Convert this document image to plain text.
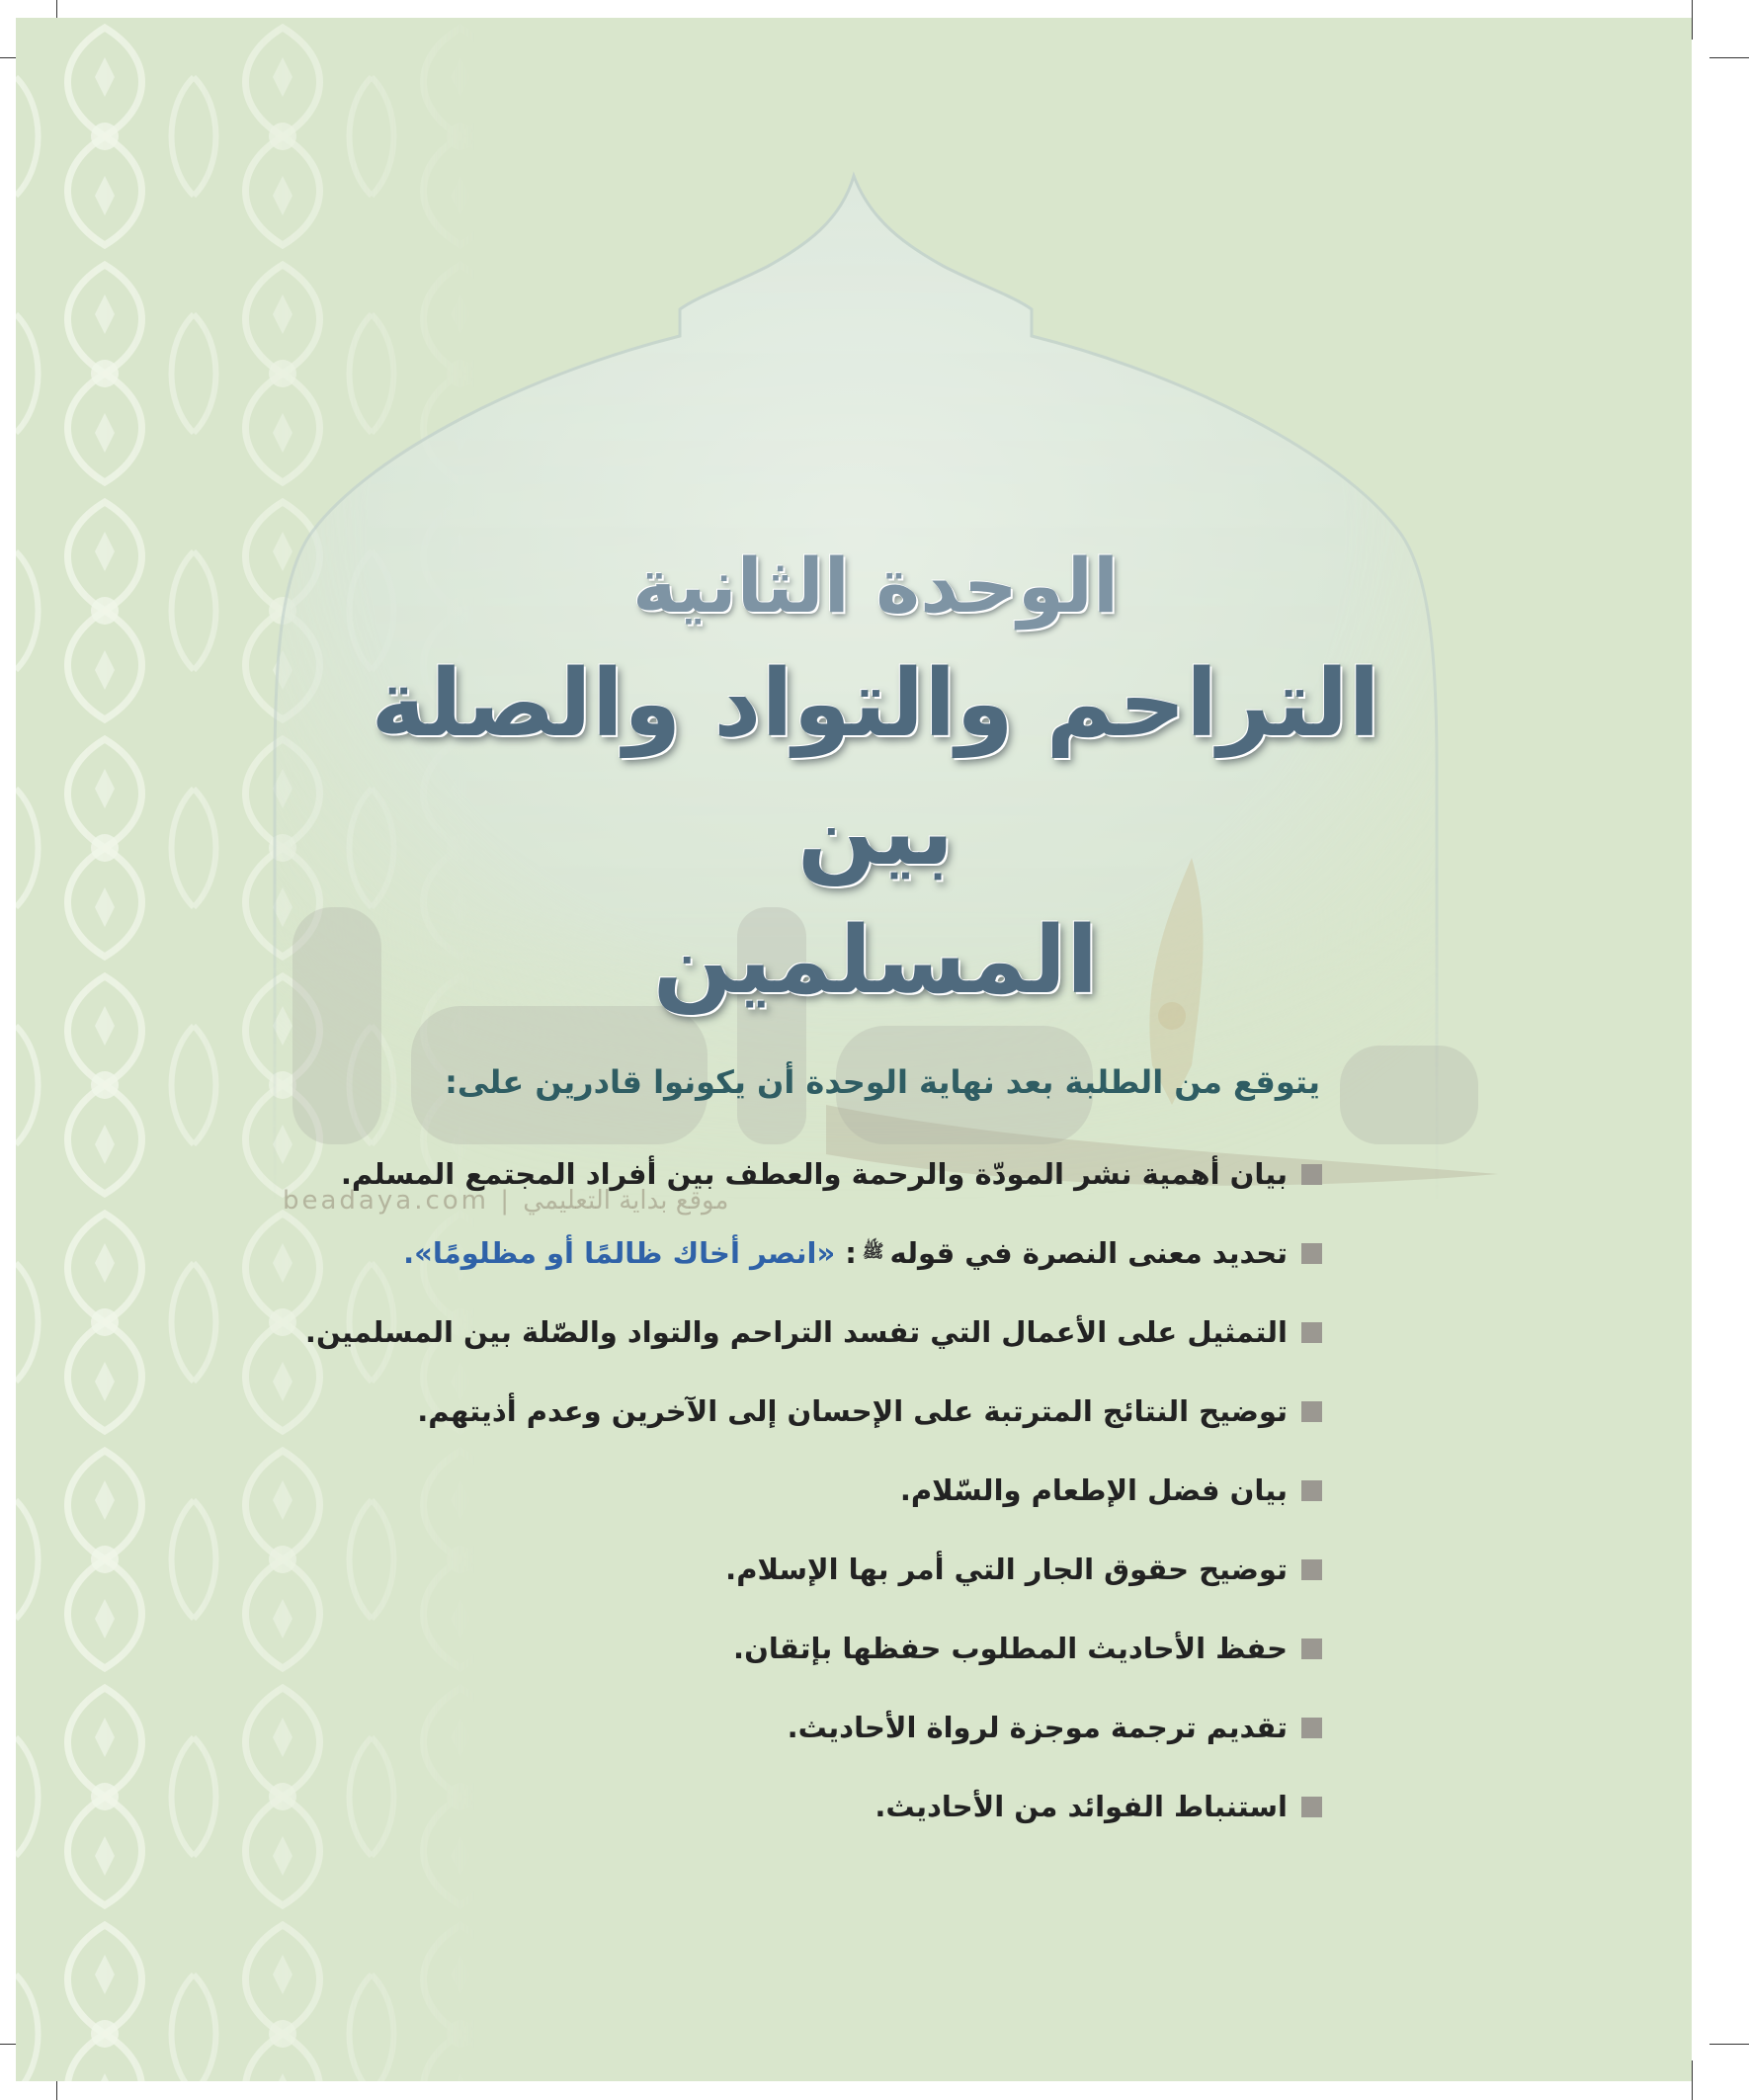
beadaya.com | موقع بداية التعليمي
الوحدة الثانية
التراحم والتواد والصلة بين
المسلمين
يتوقع من الطلبة بعد نهاية الوحدة أن يكونوا قادرين على:
بيان أهمية نشر المودّة والرحمة والعطف بين أفراد المجتمع المسلم.
تحديد معنى النصرة في قوله
ﷺ
:
«انصر أخاك ظالمًا أو مظلومًا».
التمثيل على الأعمال التي تفسد التراحم والتواد والصّلة بين المسلمين.
توضيح النتائج المترتبة على الإحسان إلى الآخرين وعدم أذيتهم.
بيان فضل الإطعام والسّلام.
توضيح حقوق الجار التي أمر بها الإسلام.
حفظ الأحاديث المطلوب حفظها بإتقان.
تقديم ترجمة موجزة لرواة الأحاديث.
استنباط الفوائد من الأحاديث.
